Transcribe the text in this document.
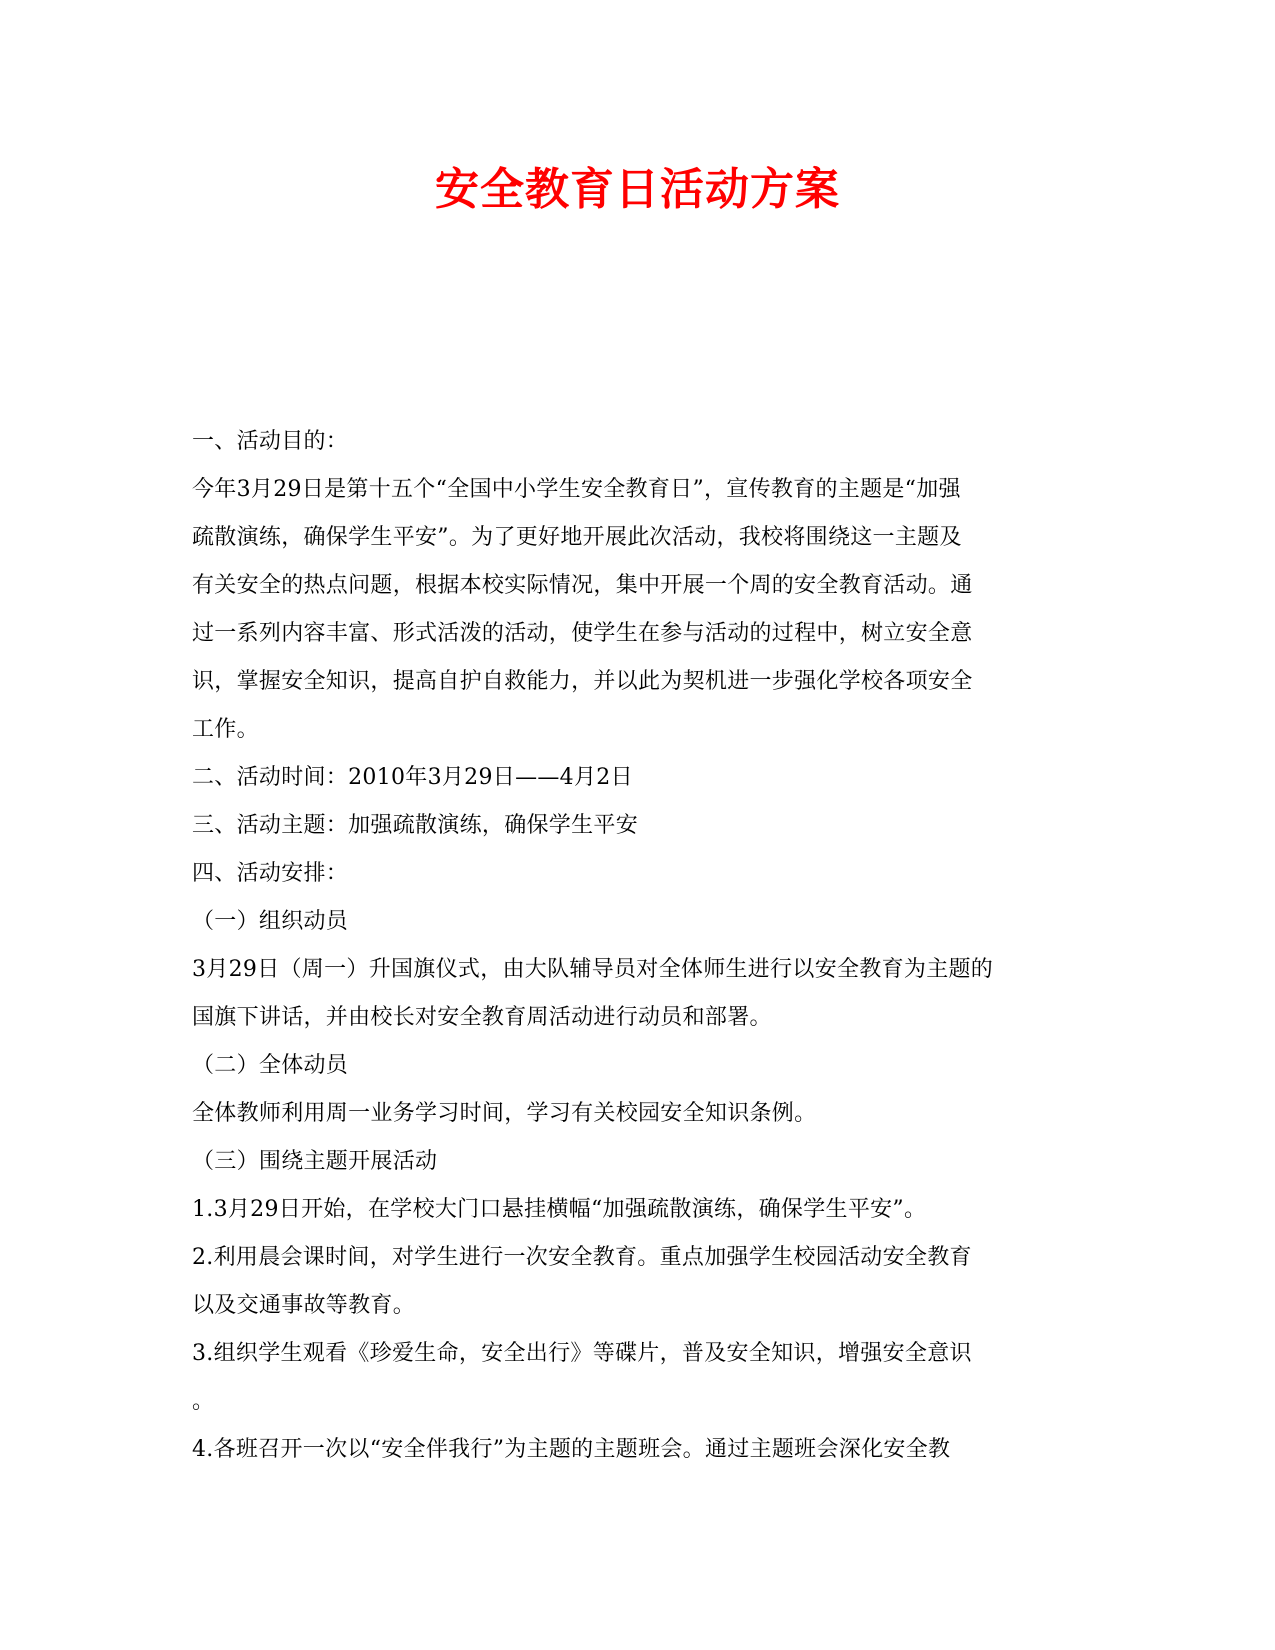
安全教育日活动方案
一、活动目的：
今年3月29日是第十五个“全国中小学生安全教育日”，宣传教育的主题是“加强
疏散演练，确保学生平安”。为了更好地开展此次活动，我校将围绕这一主题及
有关安全的热点问题，根据本校实际情况，集中开展一个周的安全教育活动。通
过一系列内容丰富、形式活泼的活动，使学生在参与活动的过程中，树立安全意
识，掌握安全知识，提高自护自救能力，并以此为契机进一步强化学校各项安全
工作。
二、活动时间：2010年3月29日——4月2日
三、活动主题：加强疏散演练，确保学生平安
四、活动安排：
（一）组织动员
3月29日（周一）升国旗仪式，由大队辅导员对全体师生进行以安全教育为主题的
国旗下讲话，并由校长对安全教育周活动进行动员和部署。
（二）全体动员
全体教师利用周一业务学习时间，学习有关校园安全知识条例。
（三）围绕主题开展活动
1.3月29日开始，在学校大门口悬挂横幅“加强疏散演练，确保学生平安”。
2.利用晨会课时间，对学生进行一次安全教育。重点加强学生校园活动安全教育
以及交通事故等教育。
3.组织学生观看《珍爱生命，安全出行》等碟片，普及安全知识，增强安全意识
。
4.各班召开一次以“安全伴我行”为主题的主题班会。通过主题班会深化安全教
